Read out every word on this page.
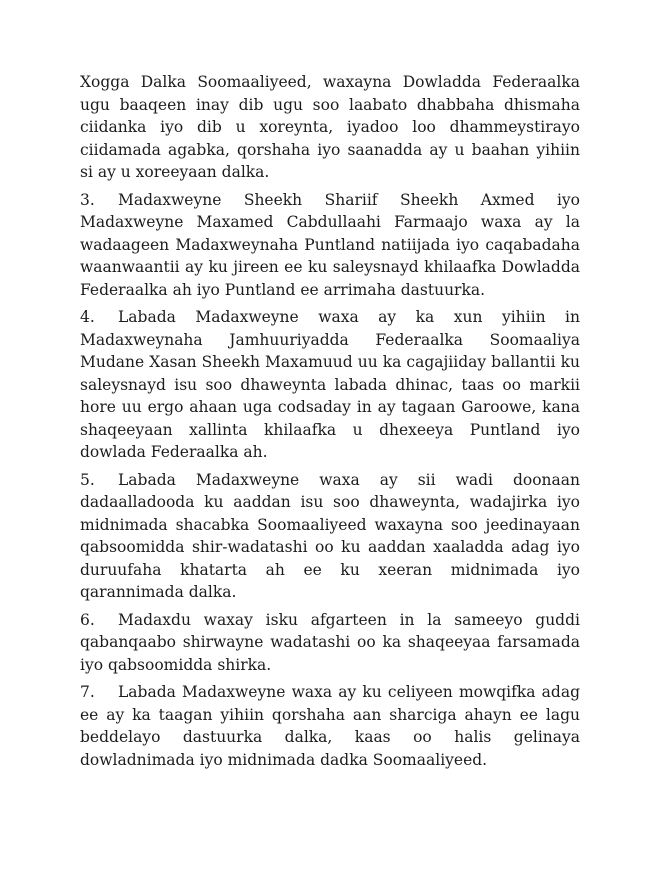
Xogga Dalka Soomaaliyeed, waxayna Dowladda Federaalka ugu baaqeen inay dib ugu soo laabato dhabbaha dhismaha ciidanka iyo dib u xoreynta, iyadoo loo dhammeystirayo ciidamada agabka, qorshaha iyo saanadda ay u baahan yihiin si ay u xoreeyaan dalka.

3. Madaxweyne Sheekh Shariif Sheekh Axmed iyo Madaxweyne Maxamed Cabdullaahi Farmaajo waxa ay la wadaageen Madaxweynaha Puntland natiijada iyo caqabadaha waanwaantii ay ku jireen ee ku saleysnayd khilaafka Dowladda Federaalka ah iyo Puntland ee arrimaha dastuurka.

4. Labada Madaxweyne waxa ay ka xun yihiin in Madaxweynaha Jamhuuriyadda Federaalka Soomaaliya Mudane Xasan Sheekh Maxamuud uu ka cagajiiday ballantii ku saleysnayd isu soo dhaweynta labada dhinac, taas oo markii hore uu ergo ahaan uga codsaday in ay tagaan Garoowe, kana shaqeeyaan xallinta khilaafka u dhexeeya Puntland iyo dowlada Federaalka ah.

5. Labada Madaxweyne waxa ay sii wadi doonaan dadaalladooda ku aaddan isu soo dhaweynta, wadajirka iyo midnimada shacabka Soomaaliyeed waxayna soo jeedinayaan qabsoomidda shir-wadatashi oo ku aaddan xaaladda adag iyo duruufaha khatarta ah ee ku xeeran midnimada iyo qarannimada dalka.

6. Madaxdu waxay isku afgarteen in la sameeyo guddi qabanqaabo shirwayne wadatashi oo ka shaqeeyaa farsamada iyo qabsoomidda shirka.

7. Labada Madaxweyne waxa ay ku celiyeen mowqifka adag ee ay ka taagan yihiin qorshaha aan sharciga ahayn ee lagu beddelayo dastuurka dalka, kaas oo halis gelinaya dowladnimada iyo midnimada dadka Soomaaliyeed.
